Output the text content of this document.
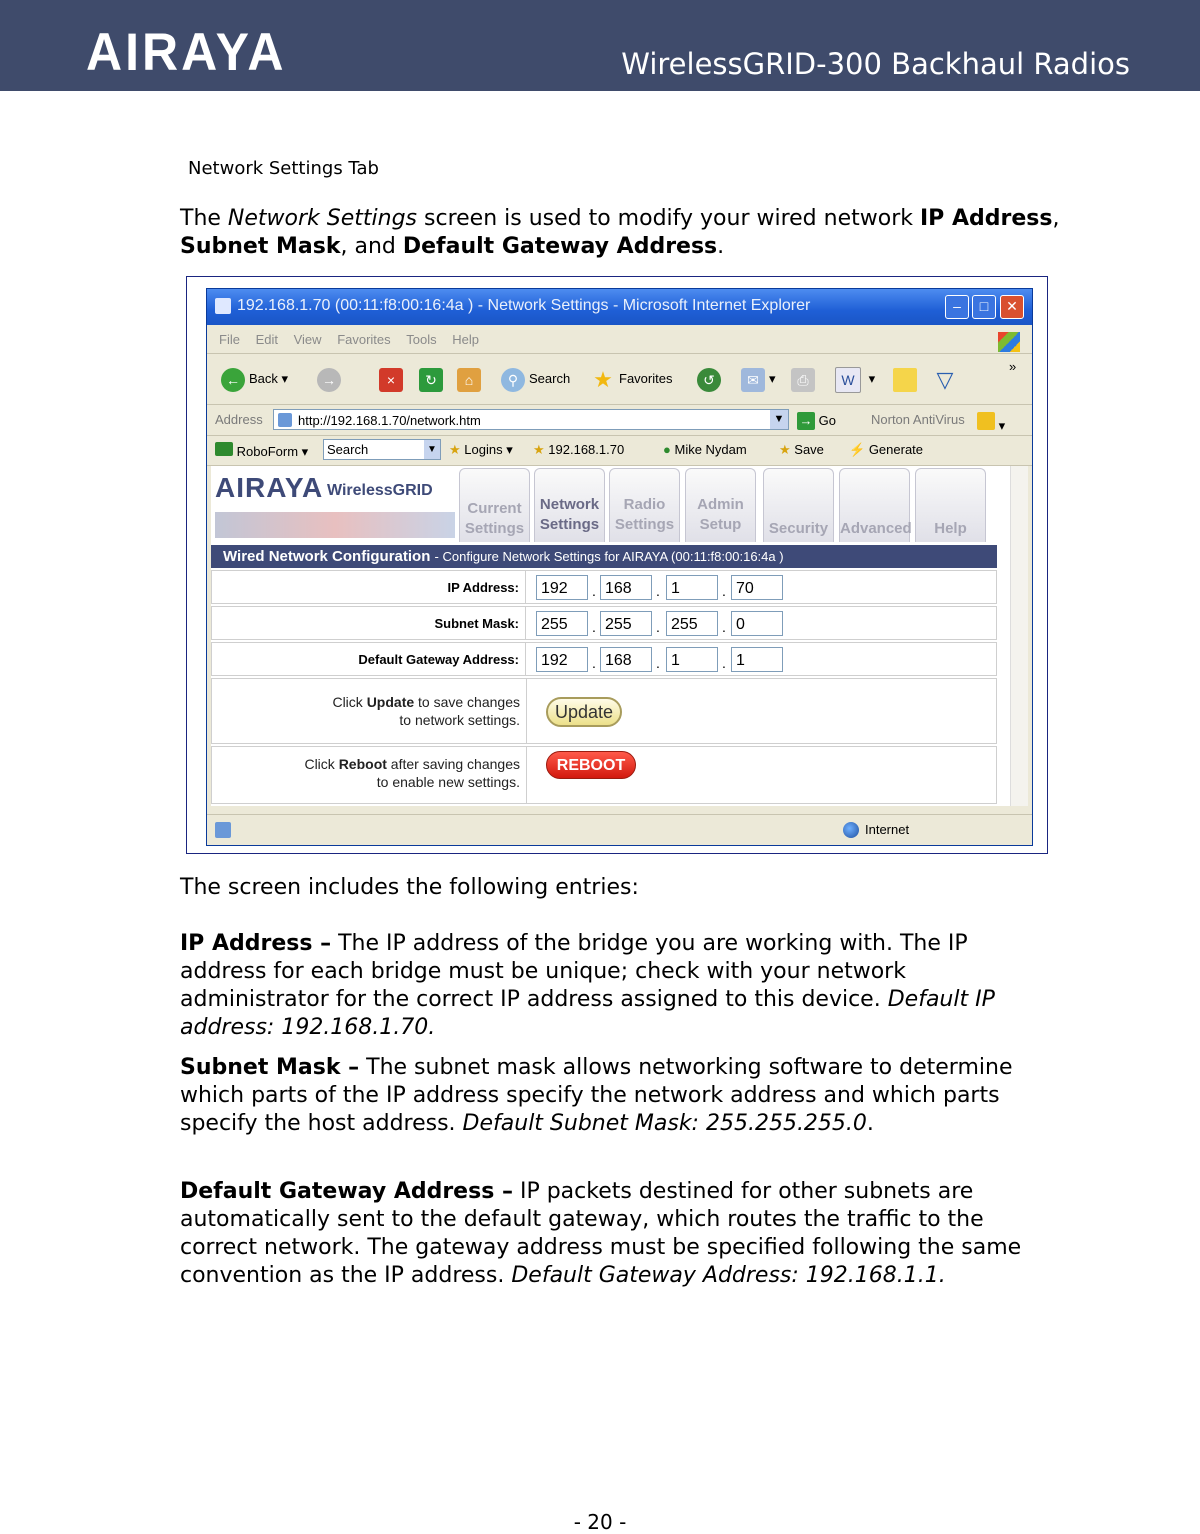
AIRAYA	WirelessGRID-300 Backhaul Radios
Network Settings Tab
The Network Settings screen is used to modify your wired network IP Address, Subnet Mask, and Default Gateway Address.
192.168.1.70 (00:11:f8:00:16:4a ) - Network Settings - Microsoft Internet Explorer	–	□	✕
File Edit View Favorites Tools Help
← Back ▾	→	×	↻	⌂	⚲ Search ★ Favorites	↺	✉ ▾	⎙	W ▾	▽
»
Address	http://192.168.1.70/network.htm	▼ → Go	Norton AntiVirus	▾
RoboForm ▾	Search	▼ ★ Logins ▾ ★ 192.168.1.70	● Mike Nydam ★ Save ⚡ Generate
AIRAYA WirelessGRID
Current
Settings
Network
Settings
Radio
Settings
Admin
Setup	Security Advanced	Help
Wired Network Configuration - Configure Network Settings for AIRAYA (00:11:f8:00:16:4a )
IP Address:	192	. 168	. 1	. 70
Subnet Mask:	255	. 255	. 255	. 0
Default Gateway Address:	192	. 168	. 1	. 1
Click Update to save changes
to network settings.	Update
Click Reboot after saving changes
to enable new settings.
REBOOT
Internet
The screen includes the following entries:
IP Address – The IP address of the bridge you are working with. The IP address for each bridge must be unique; check with your network administrator for the correct IP address assigned to this device. Default IP address: 192.168.1.70.
Subnet Mask – The subnet mask allows networking software to determine which parts of the IP address specify the network address and which parts specify the host address. Default Subnet Mask: 255.255.255.0.
Default Gateway Address – IP packets destined for other subnets are automatically sent to the default gateway, which routes the traffic to the correct network. The gateway address must be specified following the same convention as the IP address. Default Gateway Address: 192.168.1.1.
- 20 -
